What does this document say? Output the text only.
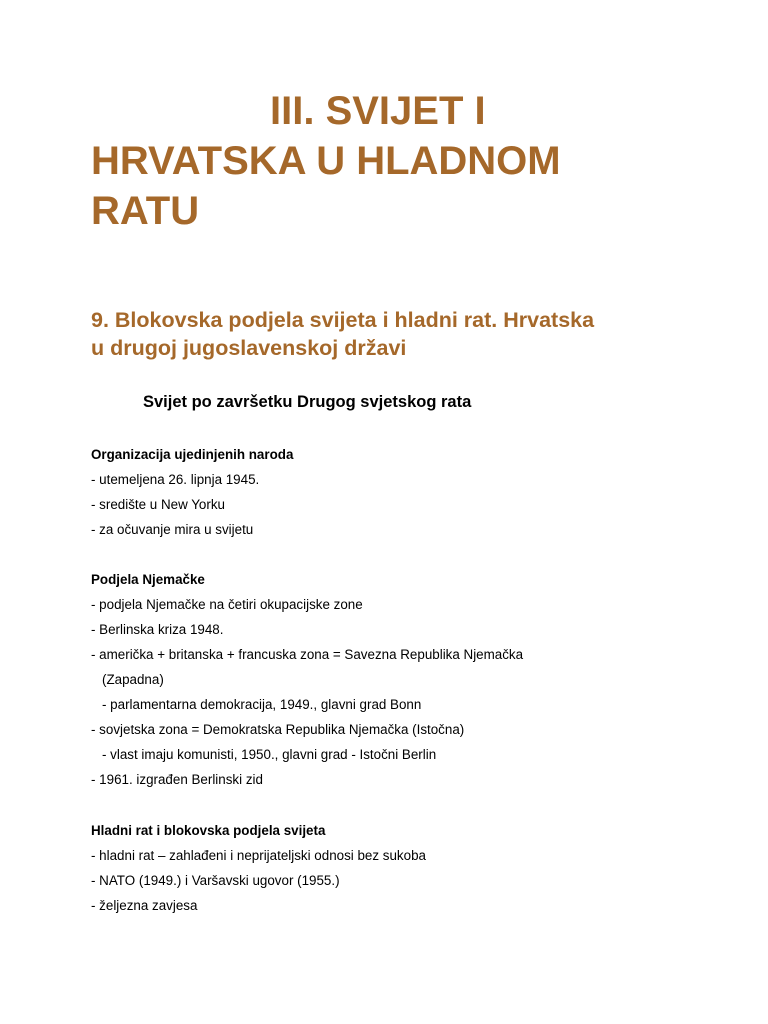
III. SVIJET I
HRVATSKA U HLADNOM
RATU
9. Blokovska podjela svijeta i hladni rat. Hrvatska
u drugoj jugoslavenskoj državi
Svijet po završetku Drugog svjetskog rata
Organizacija ujedinjenih naroda
- utemeljena 26. lipnja 1945.
- središte u New Yorku
- za očuvanje mira u svijetu
Podjela Njemačke
- podjela Njemačke na četiri okupacijske zone
- Berlinska kriza 1948.
- američka + britanska + francuska zona = Savezna Republika Njemačka
(Zapadna)
- parlamentarna demokracija, 1949., glavni grad Bonn
- sovjetska zona = Demokratska Republika Njemačka (Istočna)
- vlast imaju komunisti, 1950., glavni grad - Istočni Berlin
- 1961. izgrađen Berlinski zid
Hladni rat i blokovska podjela svijeta
- hladni rat – zahlađeni i neprijateljski odnosi bez sukoba
- NATO (1949.) i Varšavski ugovor (1955.)
- željezna zavjesa
